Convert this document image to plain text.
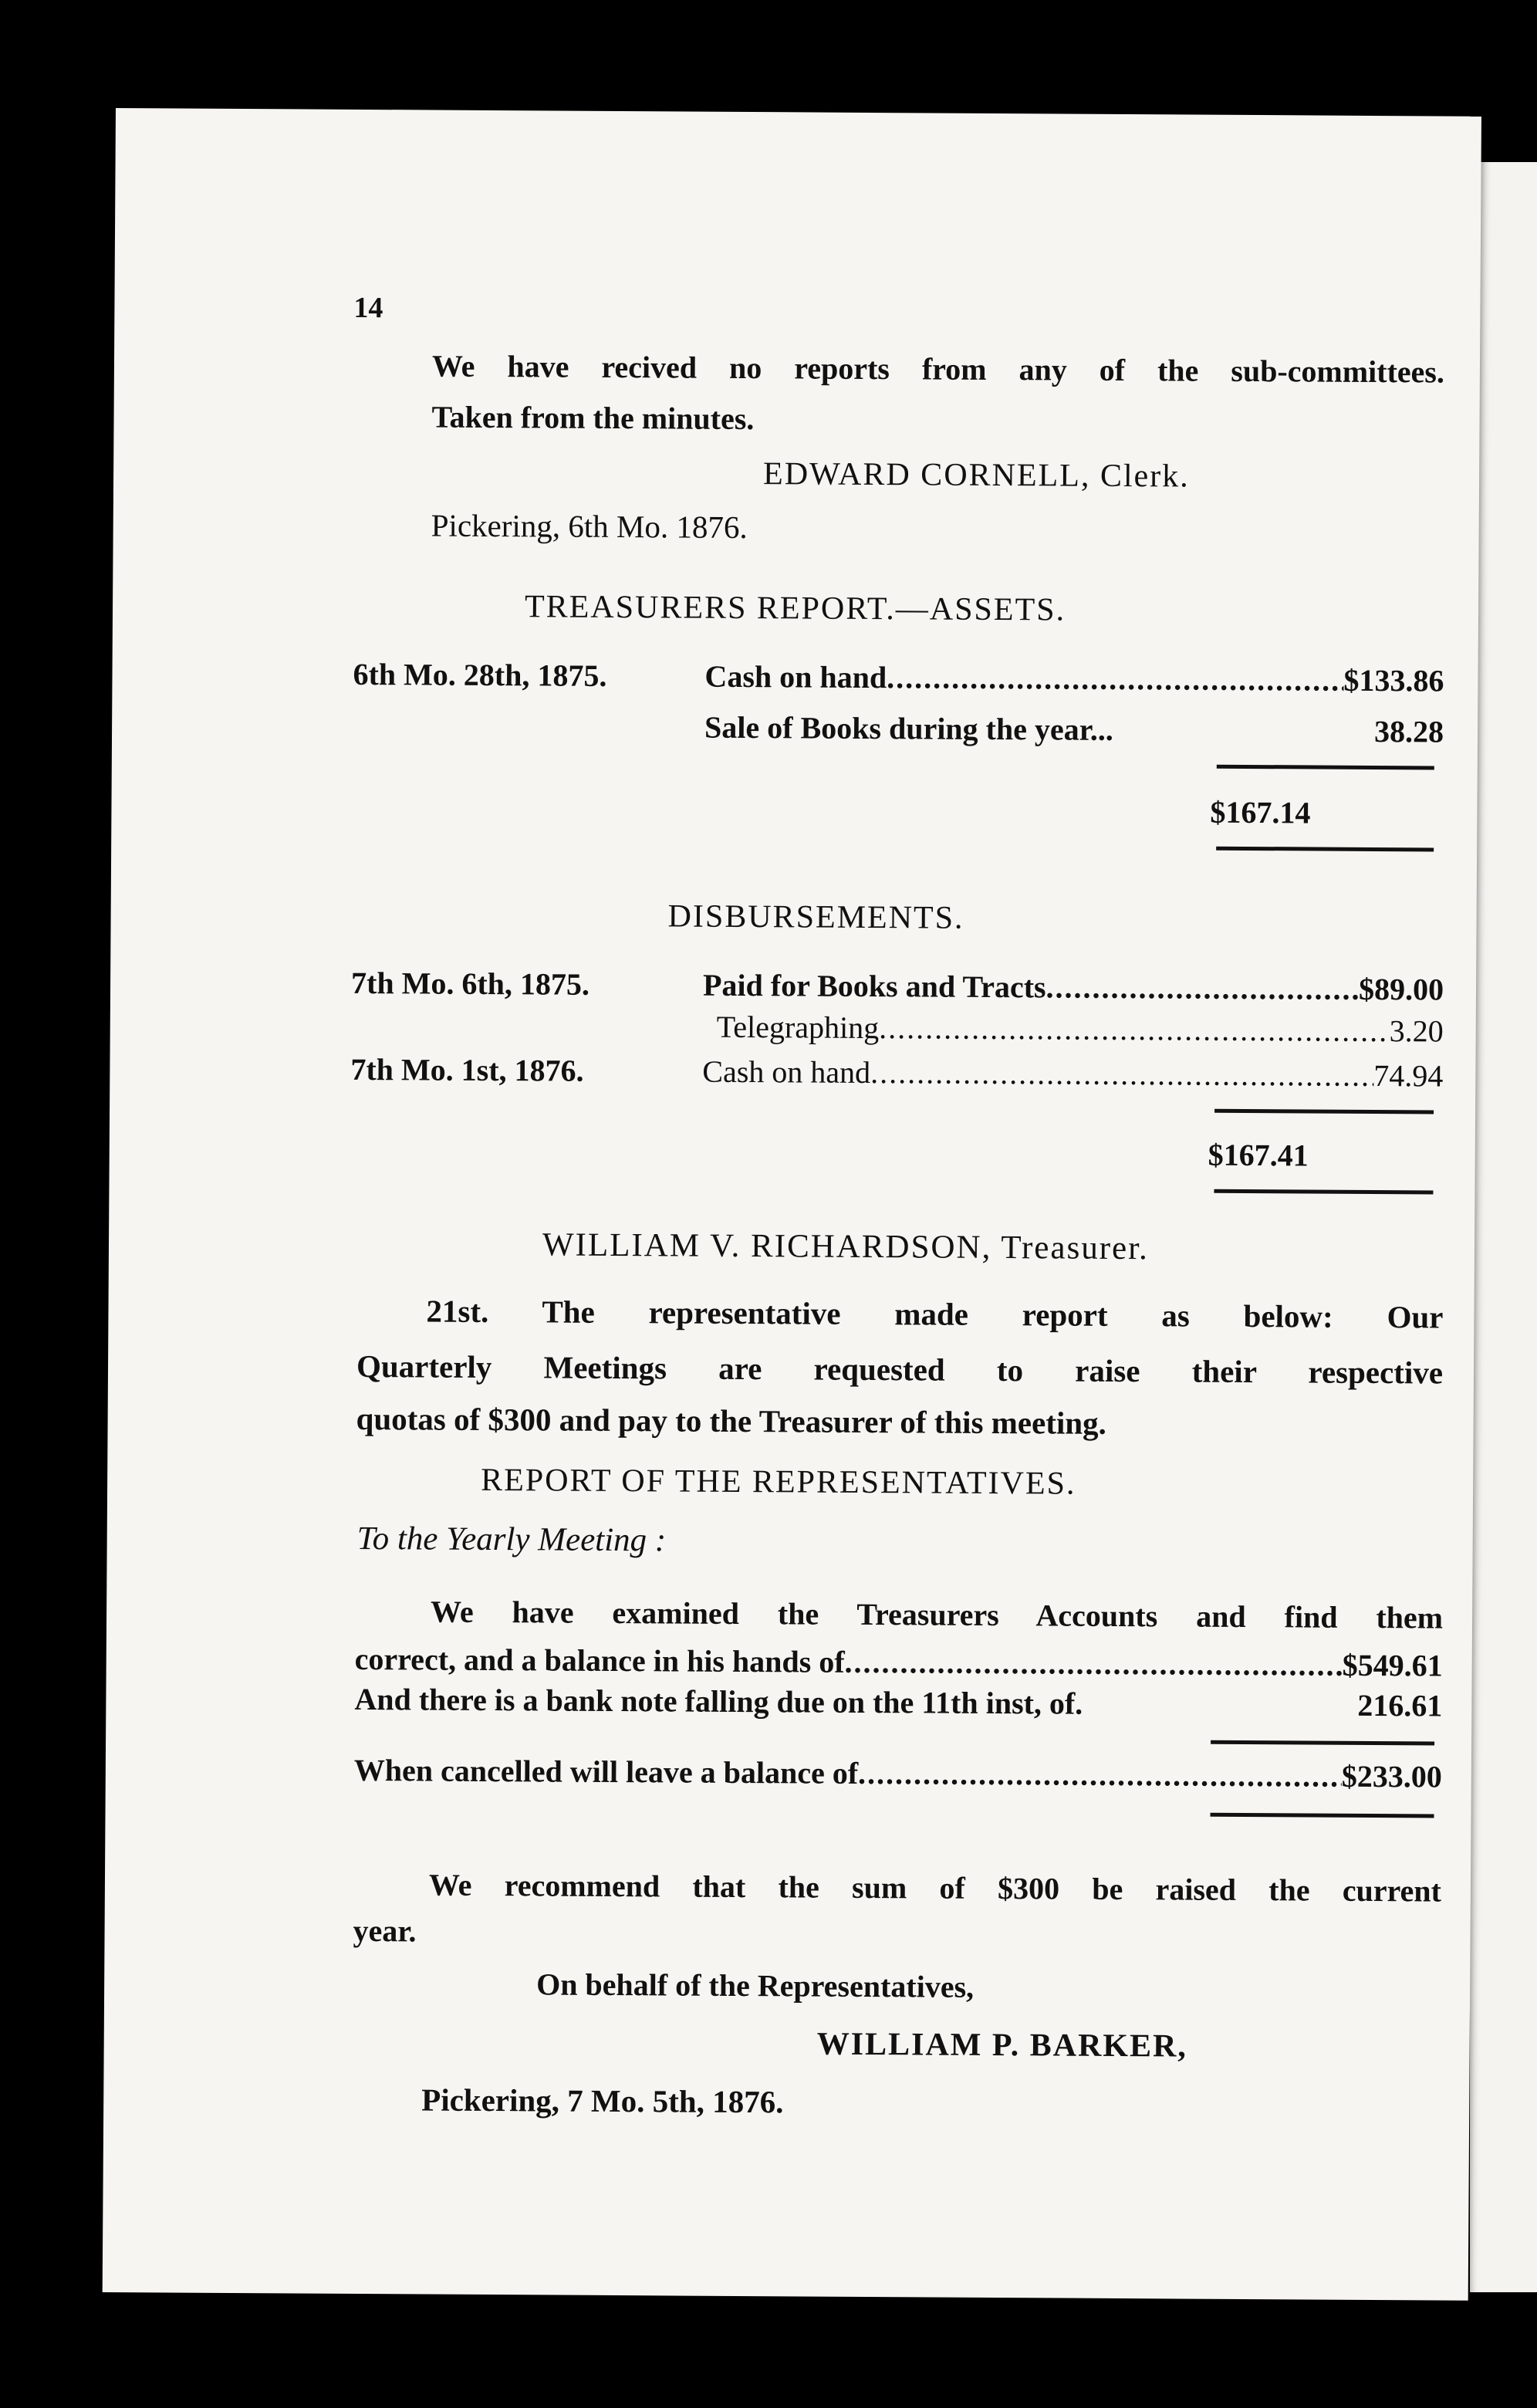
14
We have recived no reports from any of the sub-committees.
Taken from the minutes.
EDWARD CORNELL, Clerk.
Pickering, 6th Mo. 1876.
TREASURERS REPORT.—ASSETS.
6th Mo. 28th, 1875.	Cash on hand .....	$133.86
Sale of Books during the year...	38.28
$167.14
DISBURSEMENTS.
7th Mo. 6th, 1875.	Paid for Books and Tracts .....	$89.00
Telegraphing .....	3.20
7th Mo. 1st, 1876.	Cash on hand .....	74.94
$167.41
WILLIAM V. RICHARDSON, Treasurer.
21st. The representative made report as below: Our
Quarterly Meetings are requested to raise their respective
quotas of $300 and pay to the Treasurer of this meeting.
REPORT OF THE REPRESENTATIVES.
To the Yearly Meeting :
We have examined the Treasurers Accounts and find them
correct, and a balance in his hands of .....	$549.61
And there is a bank note falling due on the 11th inst, of.	216.61
When cancelled will leave a balance of .....	$233.00
We recommend that the sum of $300 be raised the current
year.
On behalf of the Representatives,
WILLIAM P. BARKER,
Pickering, 7 Mo. 5th, 1876.
